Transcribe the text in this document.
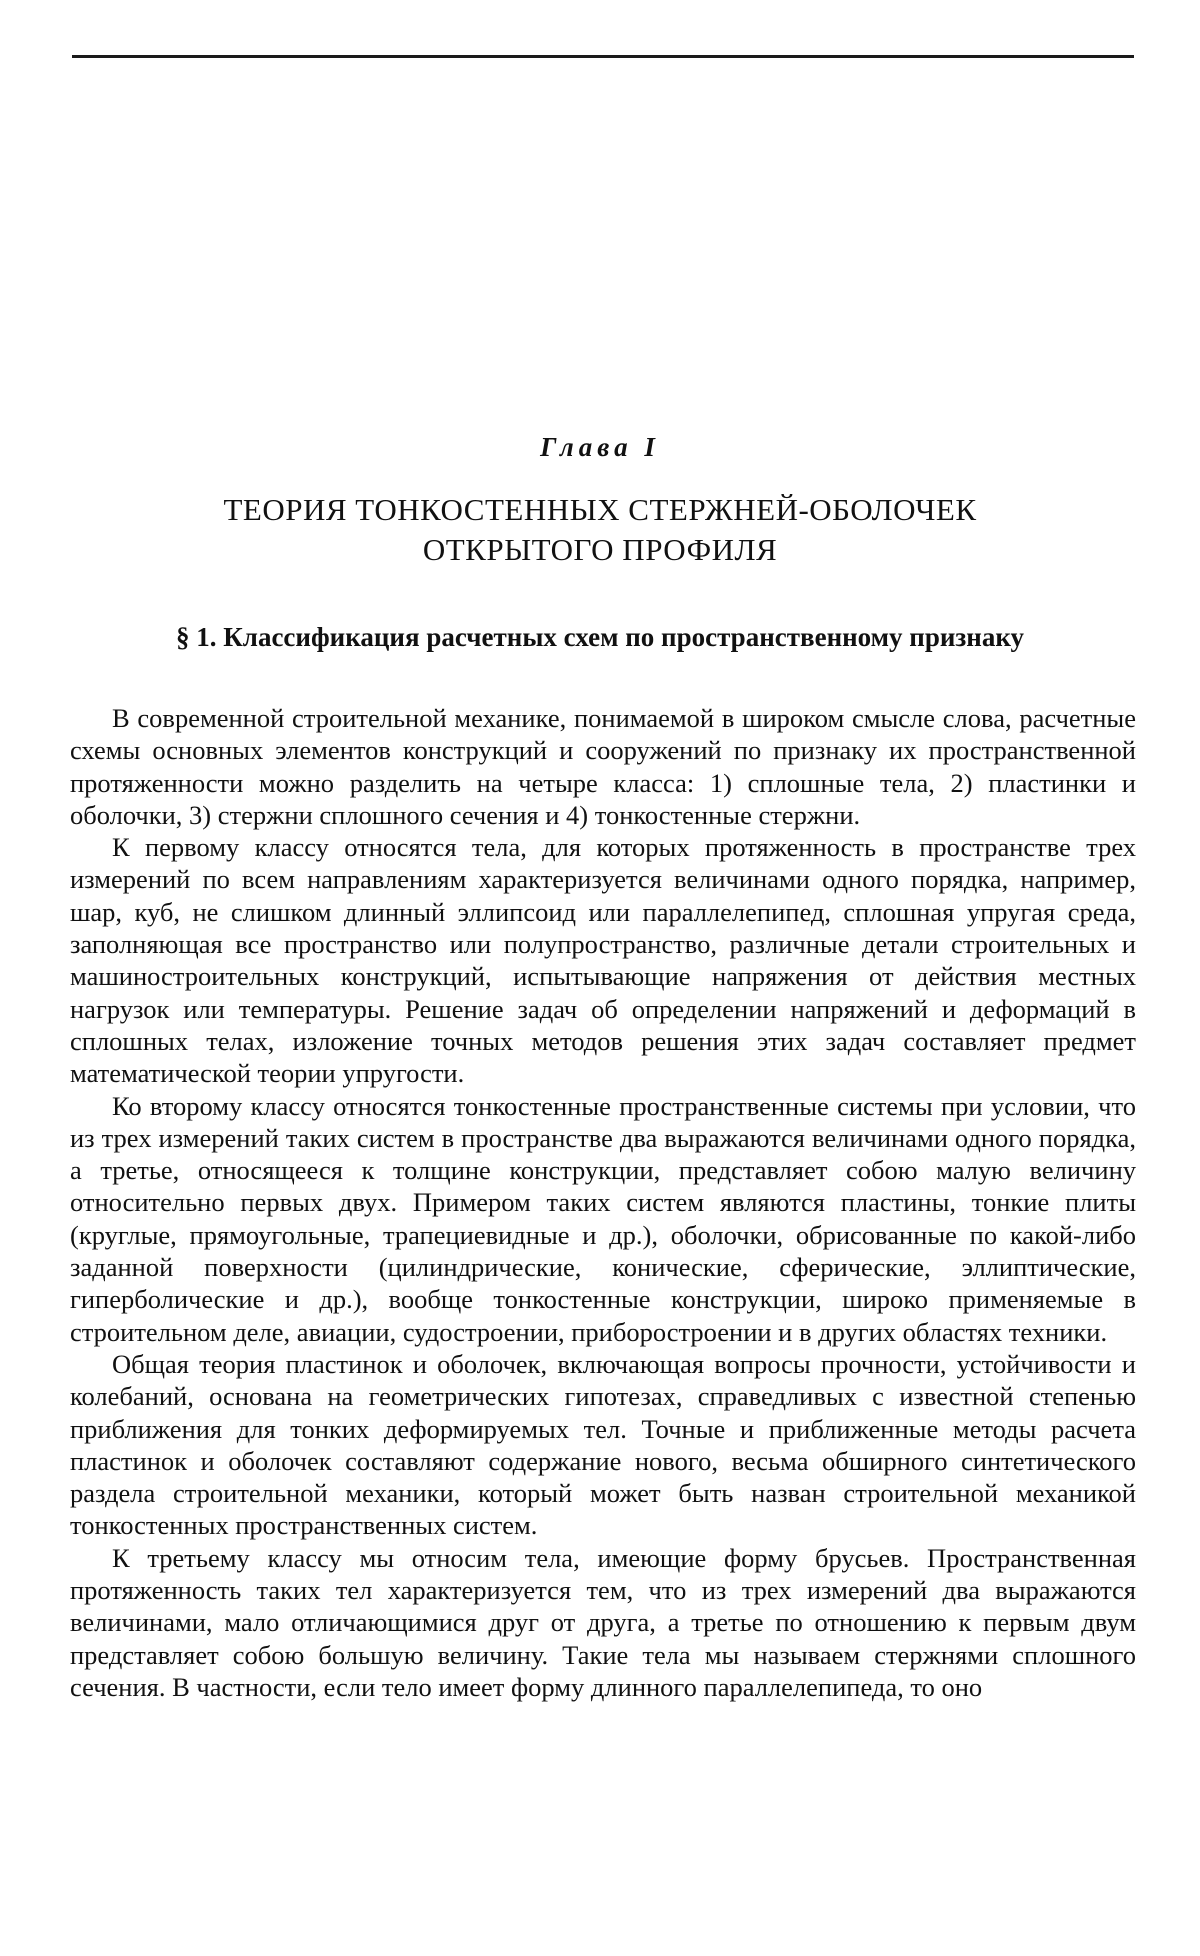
Глава I
ТЕОРИЯ ТОНКОСТЕННЫХ СТЕРЖНЕЙ-ОБОЛОЧЕК ОТКРЫТОГО ПРОФИЛЯ
§ 1. Классификация расчетных схем по пространственному признаку

В современной строительной механике, понимаемой в широком смысле слова, расчетные схемы основных элементов конструкций и сооружений по признаку их пространственной протяженности можно разделить на четыре класса: 1) сплошные тела, 2) пластинки и оболочки, 3) стержни сплошного сечения и 4) тонкостенные стержни.

К первому классу относятся тела, для которых протяженность в пространстве трех измерений по всем направлениям характеризуется величинами одного порядка, например, шар, куб, не слишком длинный эллипсоид или параллелепипед, сплошная упругая среда, заполняющая все пространство или полупространство, различные детали строительных и машиностроительных конструкций, испытывающие напряжения от действия местных нагрузок или температуры. Решение задач об определении напряжений и деформаций в сплошных телах, изложение точных методов решения этих задач составляет предмет математической теории упругости.

Ко второму классу относятся тонкостенные пространственные системы при условии, что из трех измерений таких систем в пространстве два выражаются величинами одного порядка, а третье, относящееся к толщине конструкции, представляет собою малую величину относительно первых двух. Примером таких систем являются пластины, тонкие плиты (круглые, прямоугольные, трапециевидные и др.), оболочки, обрисованные по какой-либо заданной поверхности (цилиндрические, конические, сферические, эллиптические, гиперболические и др.), вообще тонкостенные конструкции, широко применяемые в строительном деле, авиации, судостроении, приборостроении и в других областях техники.

Общая теория пластинок и оболочек, включающая вопросы прочности, устойчивости и колебаний, основана на геометрических гипотезах, справедливых с известной степенью приближения для тонких деформируемых тел. Точные и приближенные методы расчета пластинок и оболочек составляют содержание нового, весьма обширного синтетического раздела строительной механики, который может быть назван строительной механикой тонкостенных пространственных систем.

К третьему классу мы относим тела, имеющие форму брусьев. Пространственная протяженность таких тел характеризуется тем, что из трех измерений два выражаются величинами, мало отличающимися друг от друга, а третье по отношению к первым двум представляет собою большую величину. Такие тела мы называем стержнями сплошного сечения. В частности, если тело имеет форму длинного параллелепипеда, то оно
